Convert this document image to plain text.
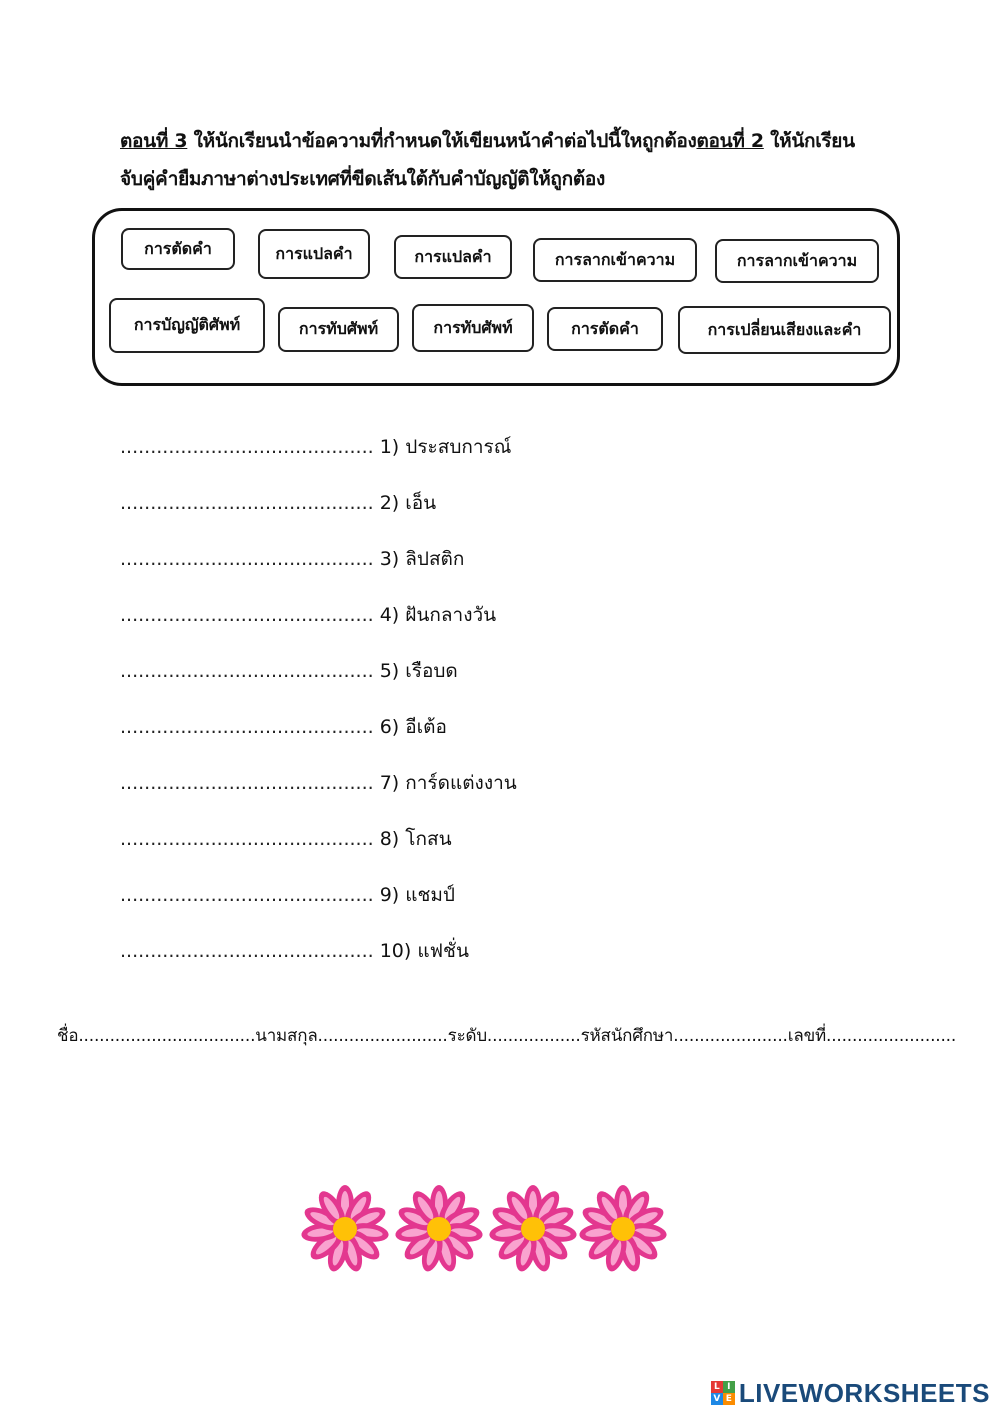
ตอนที่ 3 ให้นักเรียนนำข้อความที่กำหนดให้เขียนหน้าคำต่อไปนี้ใหถูกต้องตอนที่ 2 ให้นักเรียน
จับคู่คำยืมภาษาต่างประเทศที่ขีดเส้นใต้กับคำบัญญัติให้ถูกต้อง
การตัดคำ	การแปลคำ	การแปลคำ	การลากเข้าความ	การลากเข้าความ
การบัญญัติศัพท์	การทับศัพท์	การทับศัพท์	การตัดคำ	การเปลี่ยนเสียงและคำ
.......................................... 1) ประสบการณ์
.......................................... 2) เอ็น
.......................................... 3) ลิปสติก
.......................................... 4) ฝันกลางวัน
.......................................... 5) เรือบด
.......................................... 6) อีเต้อ
.......................................... 7) การ์ดแต่งงาน
.......................................... 8) โกสน
.......................................... 9) แชมป์
.......................................... 10) แฟชั่น
ชื่อ..................................นามสกุล.........................ระดับ..................รหัสนักศึกษา......................เลขที่.........................
L I
V E LIVEWORKSHEETS
